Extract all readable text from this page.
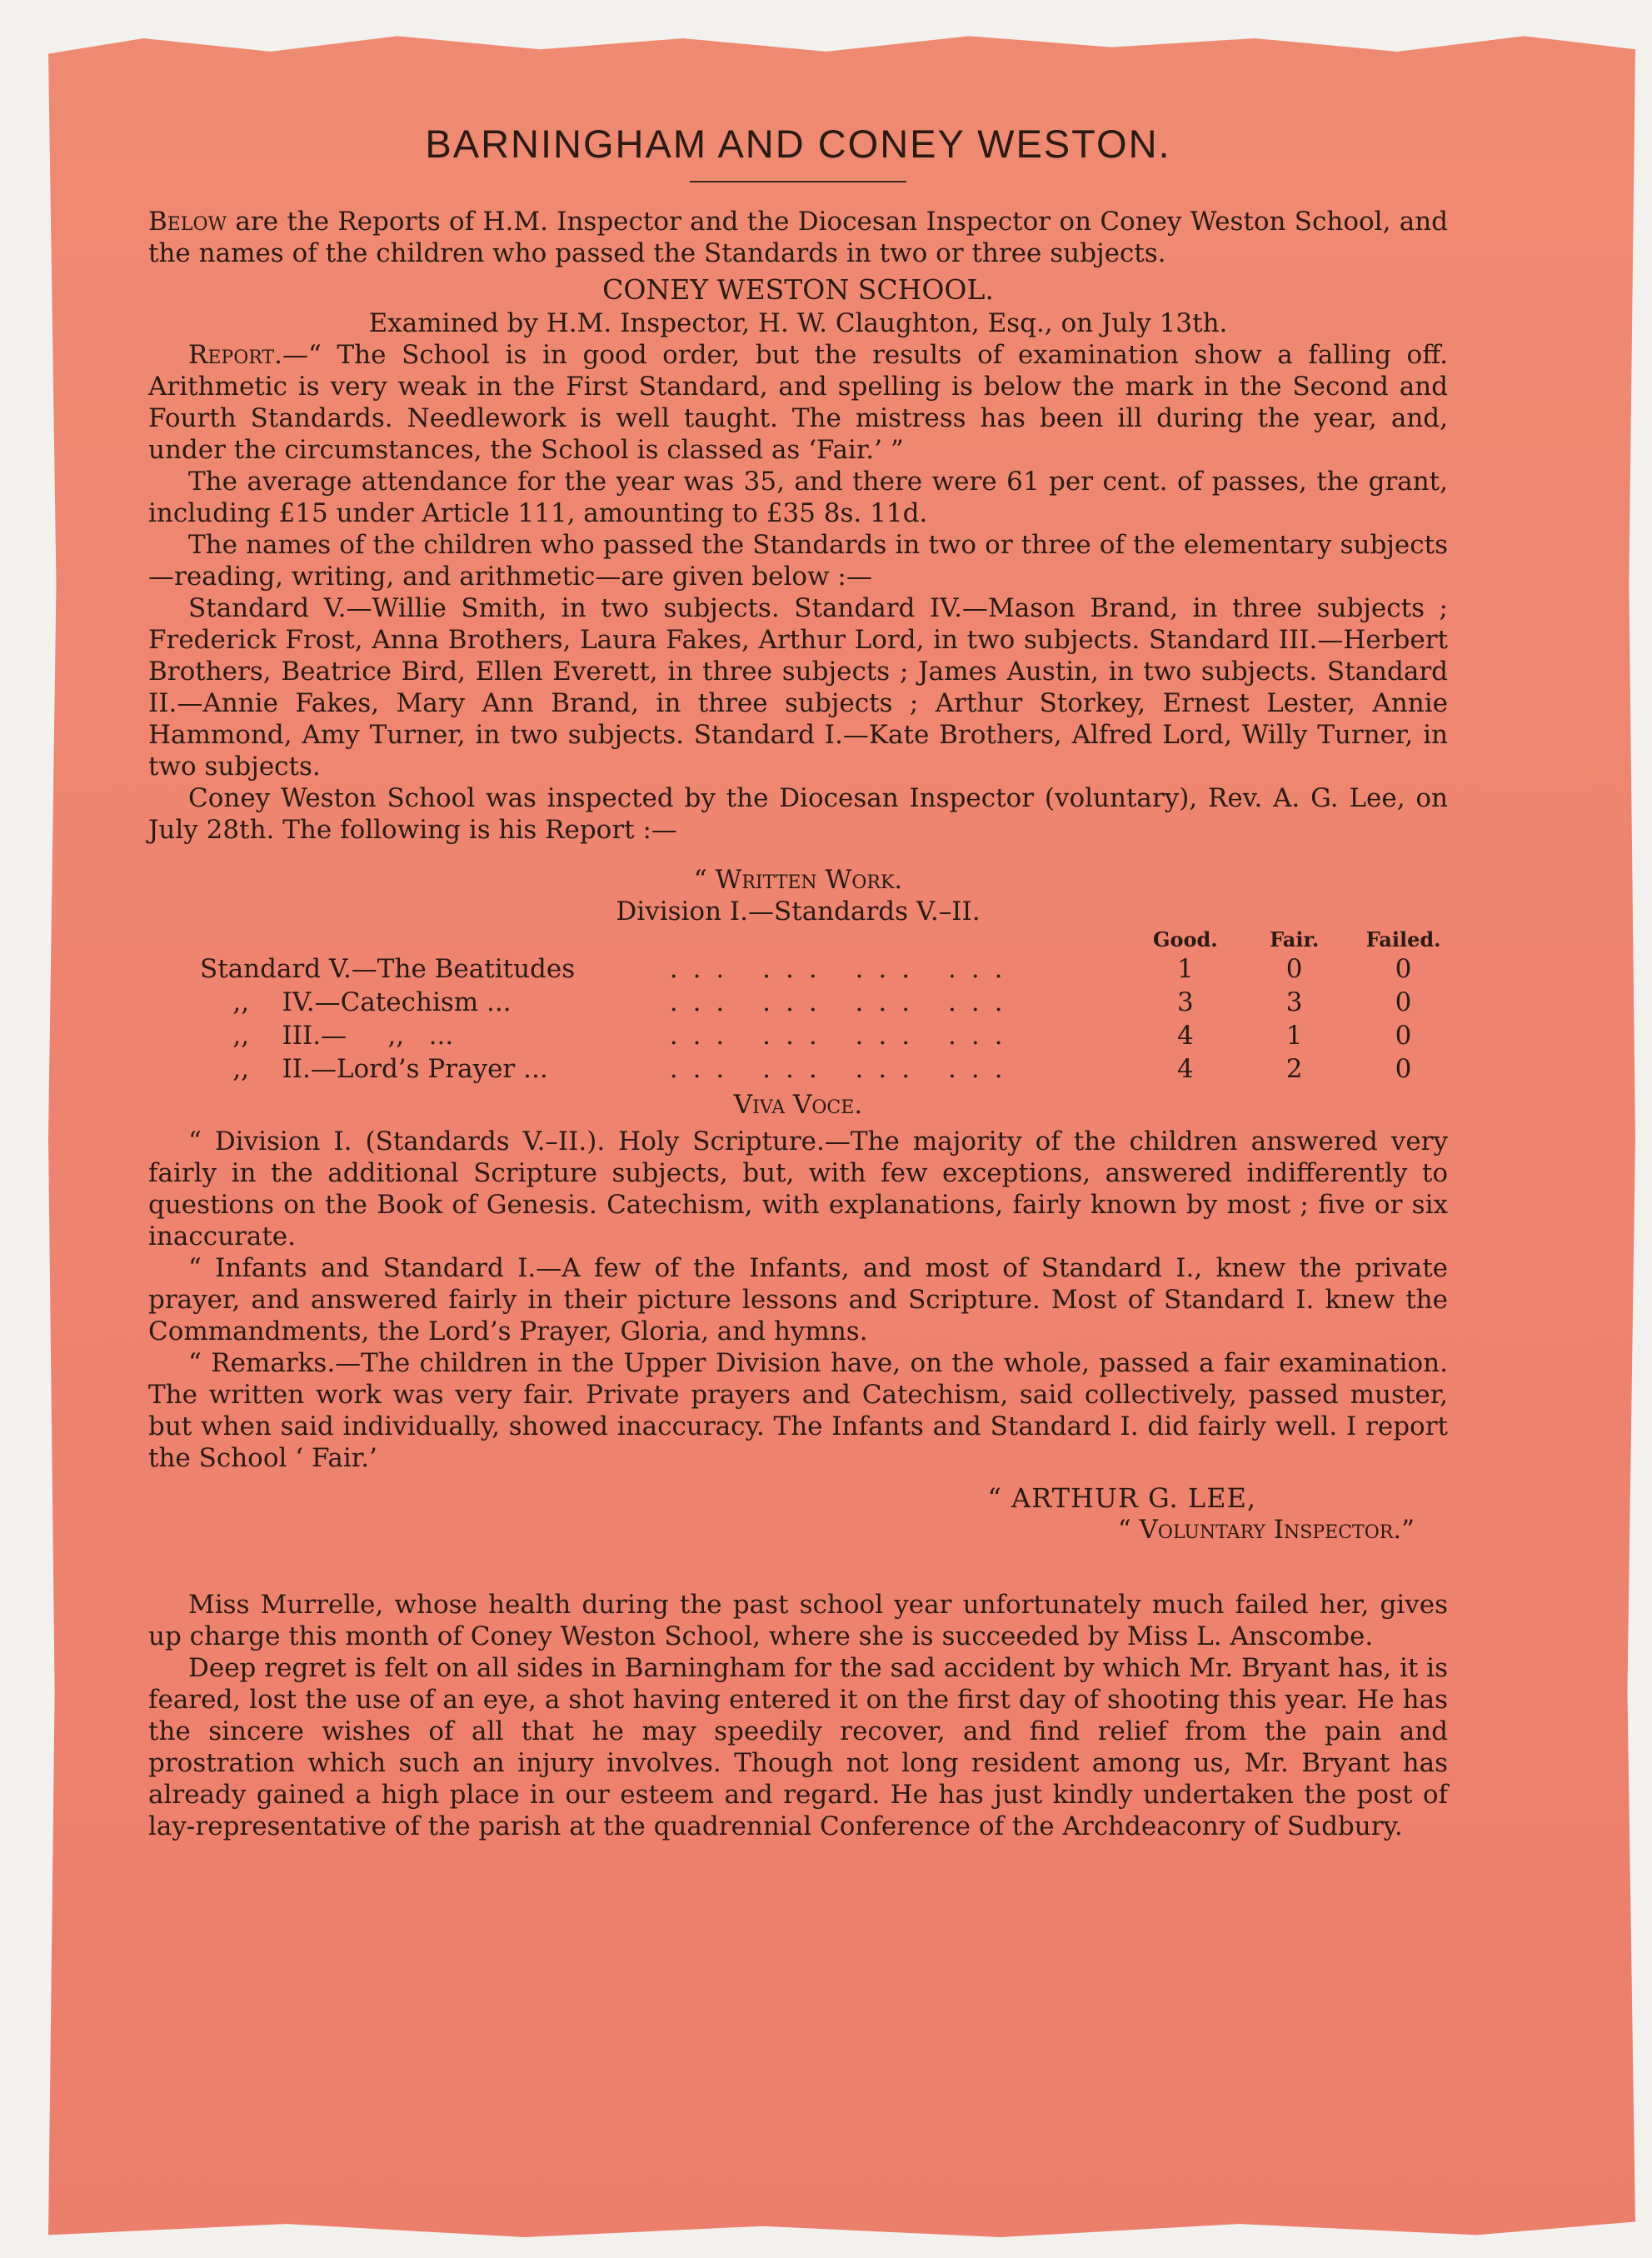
BARNINGHAM AND CONEY WESTON.

Below are the Reports of H.M. Inspector and the Diocesan Inspector on Coney Weston School, and the names of the children who passed the Standards in two or three subjects.

CONEY WESTON SCHOOL.

Examined by H.M. Inspector, H. W. Claughton, Esq., on July 13th.

Report.—“ The School is in good order, but the results of examination show a falling off. Arithmetic is very weak in the First Standard, and spelling is below the mark in the Second and Fourth Standards. Needlework is well taught. The mistress has been ill during the year, and, under the circumstances, the School is classed as ‘Fair.’ ”

The average attendance for the year was 35, and there were 61 per cent. of passes, the grant, including £15 under Article 111, amounting to £35 8s. 11d.

The names of the children who passed the Standards in two or three of the elementary subjects—reading, writing, and arithmetic—are given below :—

Standard V.—Willie Smith, in two subjects. Standard IV.—Mason Brand, in three subjects ; Frederick Frost, Anna Brothers, Laura Fakes, Arthur Lord, in two subjects. Standard III.—Herbert Brothers, Beatrice Bird, Ellen Everett, in three subjects ; James Austin, in two subjects. Standard II.—Annie Fakes, Mary Ann Brand, in three subjects ; Arthur Storkey, Ernest Lester, Annie Hammond, Amy Turner, in two subjects. Standard I.—Kate Brothers, Alfred Lord, Willy Turner, in two subjects.

Coney Weston School was inspected by the Diocesan Inspector (voluntary), Rev. A. G. Lee, on July 28th. The following is his Report :—

“ Written Work.

Division I.—Standards V.–II.

		Good.	Fair.	Failed.
Standard V.—The Beatitudes	... ... ... ...	1	0	0
,,    IV.—Catechism ...	... ... ... ...	3	3	0
,,    III.—     ,,   ...	... ... ... ...	4	1	0
,,    II.—Lord’s Prayer ...	... ... ... ...	4	2	0

Viva Voce.

“ Division I. (Standards V.–II.). Holy Scripture.—The majority of the children answered very fairly in the additional Scripture subjects, but, with few exceptions, answered indifferently to questions on the Book of Genesis. Catechism, with explanations, fairly known by most ; five or six inaccurate.

“ Infants and Standard I.—A few of the Infants, and most of Standard I., knew the private prayer, and answered fairly in their picture lessons and Scripture. Most of Standard I. knew the Commandments, the Lord’s Prayer, Gloria, and hymns.

“ Remarks.—The children in the Upper Division have, on the whole, passed a fair examination. The written work was very fair. Private prayers and Catechism, said collectively, passed muster, but when said individually, showed inaccuracy. The Infants and Standard I. did fairly well. I report the School ‘ Fair.’

“ ARTHUR G. LEE,

“ Voluntary Inspector.”

Miss Murrelle, whose health during the past school year unfortunately much failed her, gives up charge this month of Coney Weston School, where she is succeeded by Miss L. Anscombe.

Deep regret is felt on all sides in Barningham for the sad accident by which Mr. Bryant has, it is feared, lost the use of an eye, a shot having entered it on the first day of shooting this year. He has the sincere wishes of all that he may speedily recover, and find relief from the pain and prostration which such an injury involves. Though not long resident among us, Mr. Bryant has already gained a high place in our esteem and regard. He has just kindly undertaken the post of lay-representative of the parish at the quadrennial Conference of the Archdeaconry of Sudbury.
